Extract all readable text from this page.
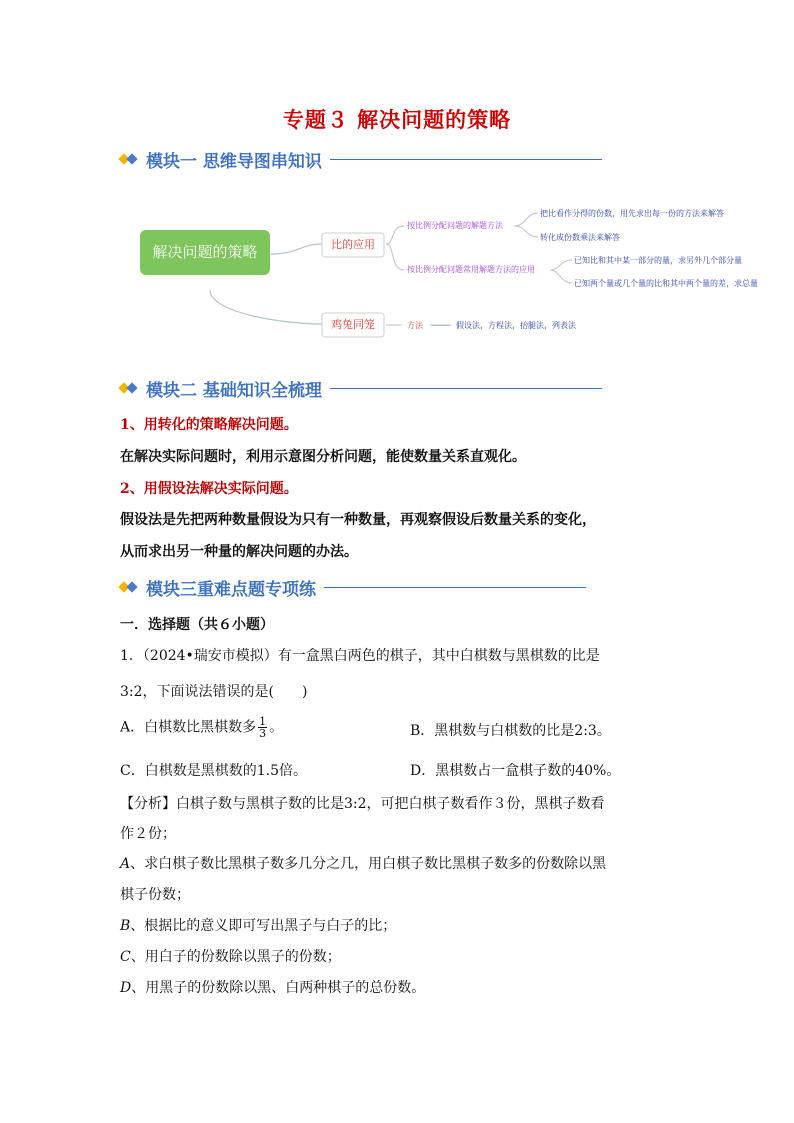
专题３ 解决问题的策略
模块一 思维导图串知识
解决问题的策略	比的应用
鸡兔同笼
按比例分配问题的解题方法
按比例分配问题常用解题方法的应用
方法
把比看作分得的份数，用先求出每一份的方法来解答
转化成份数乘法来解答
已知比和其中某一部分的量，求另外几个部分量
已知两个量或几个量的比和其中两个量的差，求总量
假设法，方程法，抬腿法，列表法
模块二 基础知识全梳理
1、用转化的策略解决问题。
在解决实际问题时，利用示意图分析问题，能使数量关系直观化。
2、用假设法解决实际问题。
假设法是先把两种数量假设为只有一种数量，再观察假设后数量关系的变化，
从而求出另一种量的解决问题的办法。
模块三重难点题专项练
一．选择题（共６小题）
1．（2024•瑞安市模拟）有一盒黑白两色的棋子，其中白棋数与黑棋数的比是
3:2，下面说法错误的是(　　)
A．白棋数比黑棋数多 $\frac{1}{3}$ 。	B．黑棋数与白棋数的比是2:3。
C．白棋数是黑棋数的1.5倍。	D．黑棋数占一盒棋子数的40%。
【分析】白棋子数与黑棋子数的比是3:2，可把白棋子数看作３份，黑棋子数看
作２份；
A、求白棋子数比黑棋子数多几分之几，用白棋子数比黑棋子数多的份数除以黑
棋子份数；
B、根据比的意义即可写出黑子与白子的比；
C、用白子的份数除以黑子的份数；
D、用黑子的份数除以黑、白两种棋子的总份数。
